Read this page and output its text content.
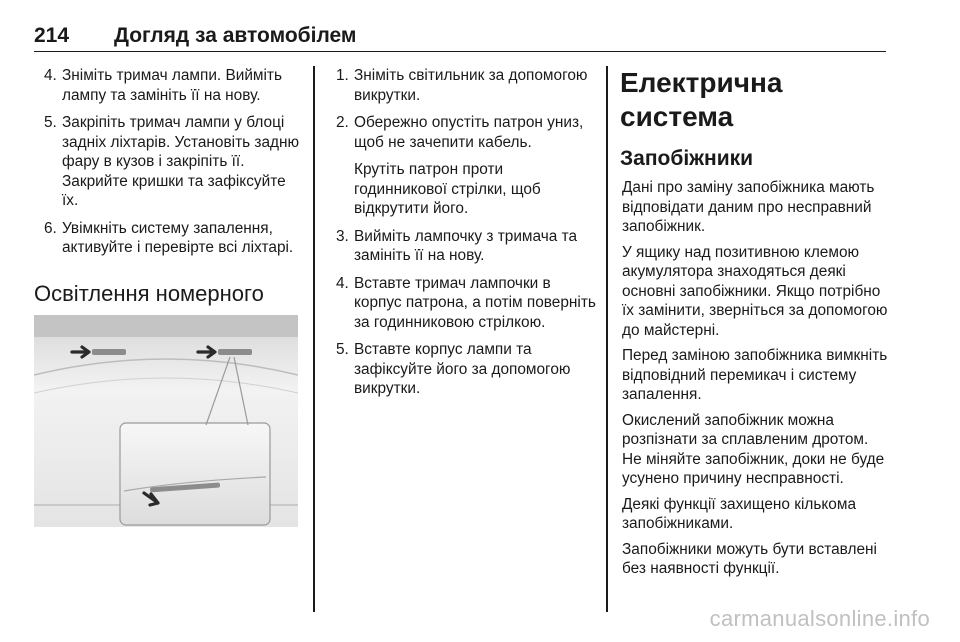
214 Догляд за автомобілем
4. Зніміть тримач лампи. Вийміть лампу та замініть її на нову.
5. Закріпіть тримач лампи у блоці задніх ліхтарів. Установіть задню фару в кузов і закріпіть її. Закрийте кришки та зафіксуйте їх.
6. Увімкніть систему запалення, активуйте і перевірте всі ліхтарі.
Освітлення номерного
1. Зніміть світильник за допомогою викрутки.
2. Обережно опустіть патрон униз, щоб не зачепити кабель.
Крутіть патрон проти годинникової стрілки, щоб відкрутити його.
3. Вийміть лампочку з тримача та замініть її на нову.
4. Вставте тримач лампочки в корпус патрона, а потім поверніть за годинниковою стрілкою.
5. Вставте корпус лампи та зафіксуйте його за допомогою викрутки.
Електрична система
Запобіжники

Дані про заміну запобіжника мають відповідати даним про несправний запобіжник.

У ящику над позитивною клемою акумулятора знаходяться деякі основні запобіжники. Якщо потрібно їх замінити, зверніться за допомогою до майстерні.

Перед заміною запобіжника вимкніть відповідний перемикач і систему запалення.

Окислений запобіжник можна розпізнати за сплавленим дротом. Не міняйте запобіжник, доки не буде усунено причину несправності.

Деякі функції захищено кількома запобіжниками.

Запобіжники можуть бути вставлені без наявності функції.

carmanualsonline.info
